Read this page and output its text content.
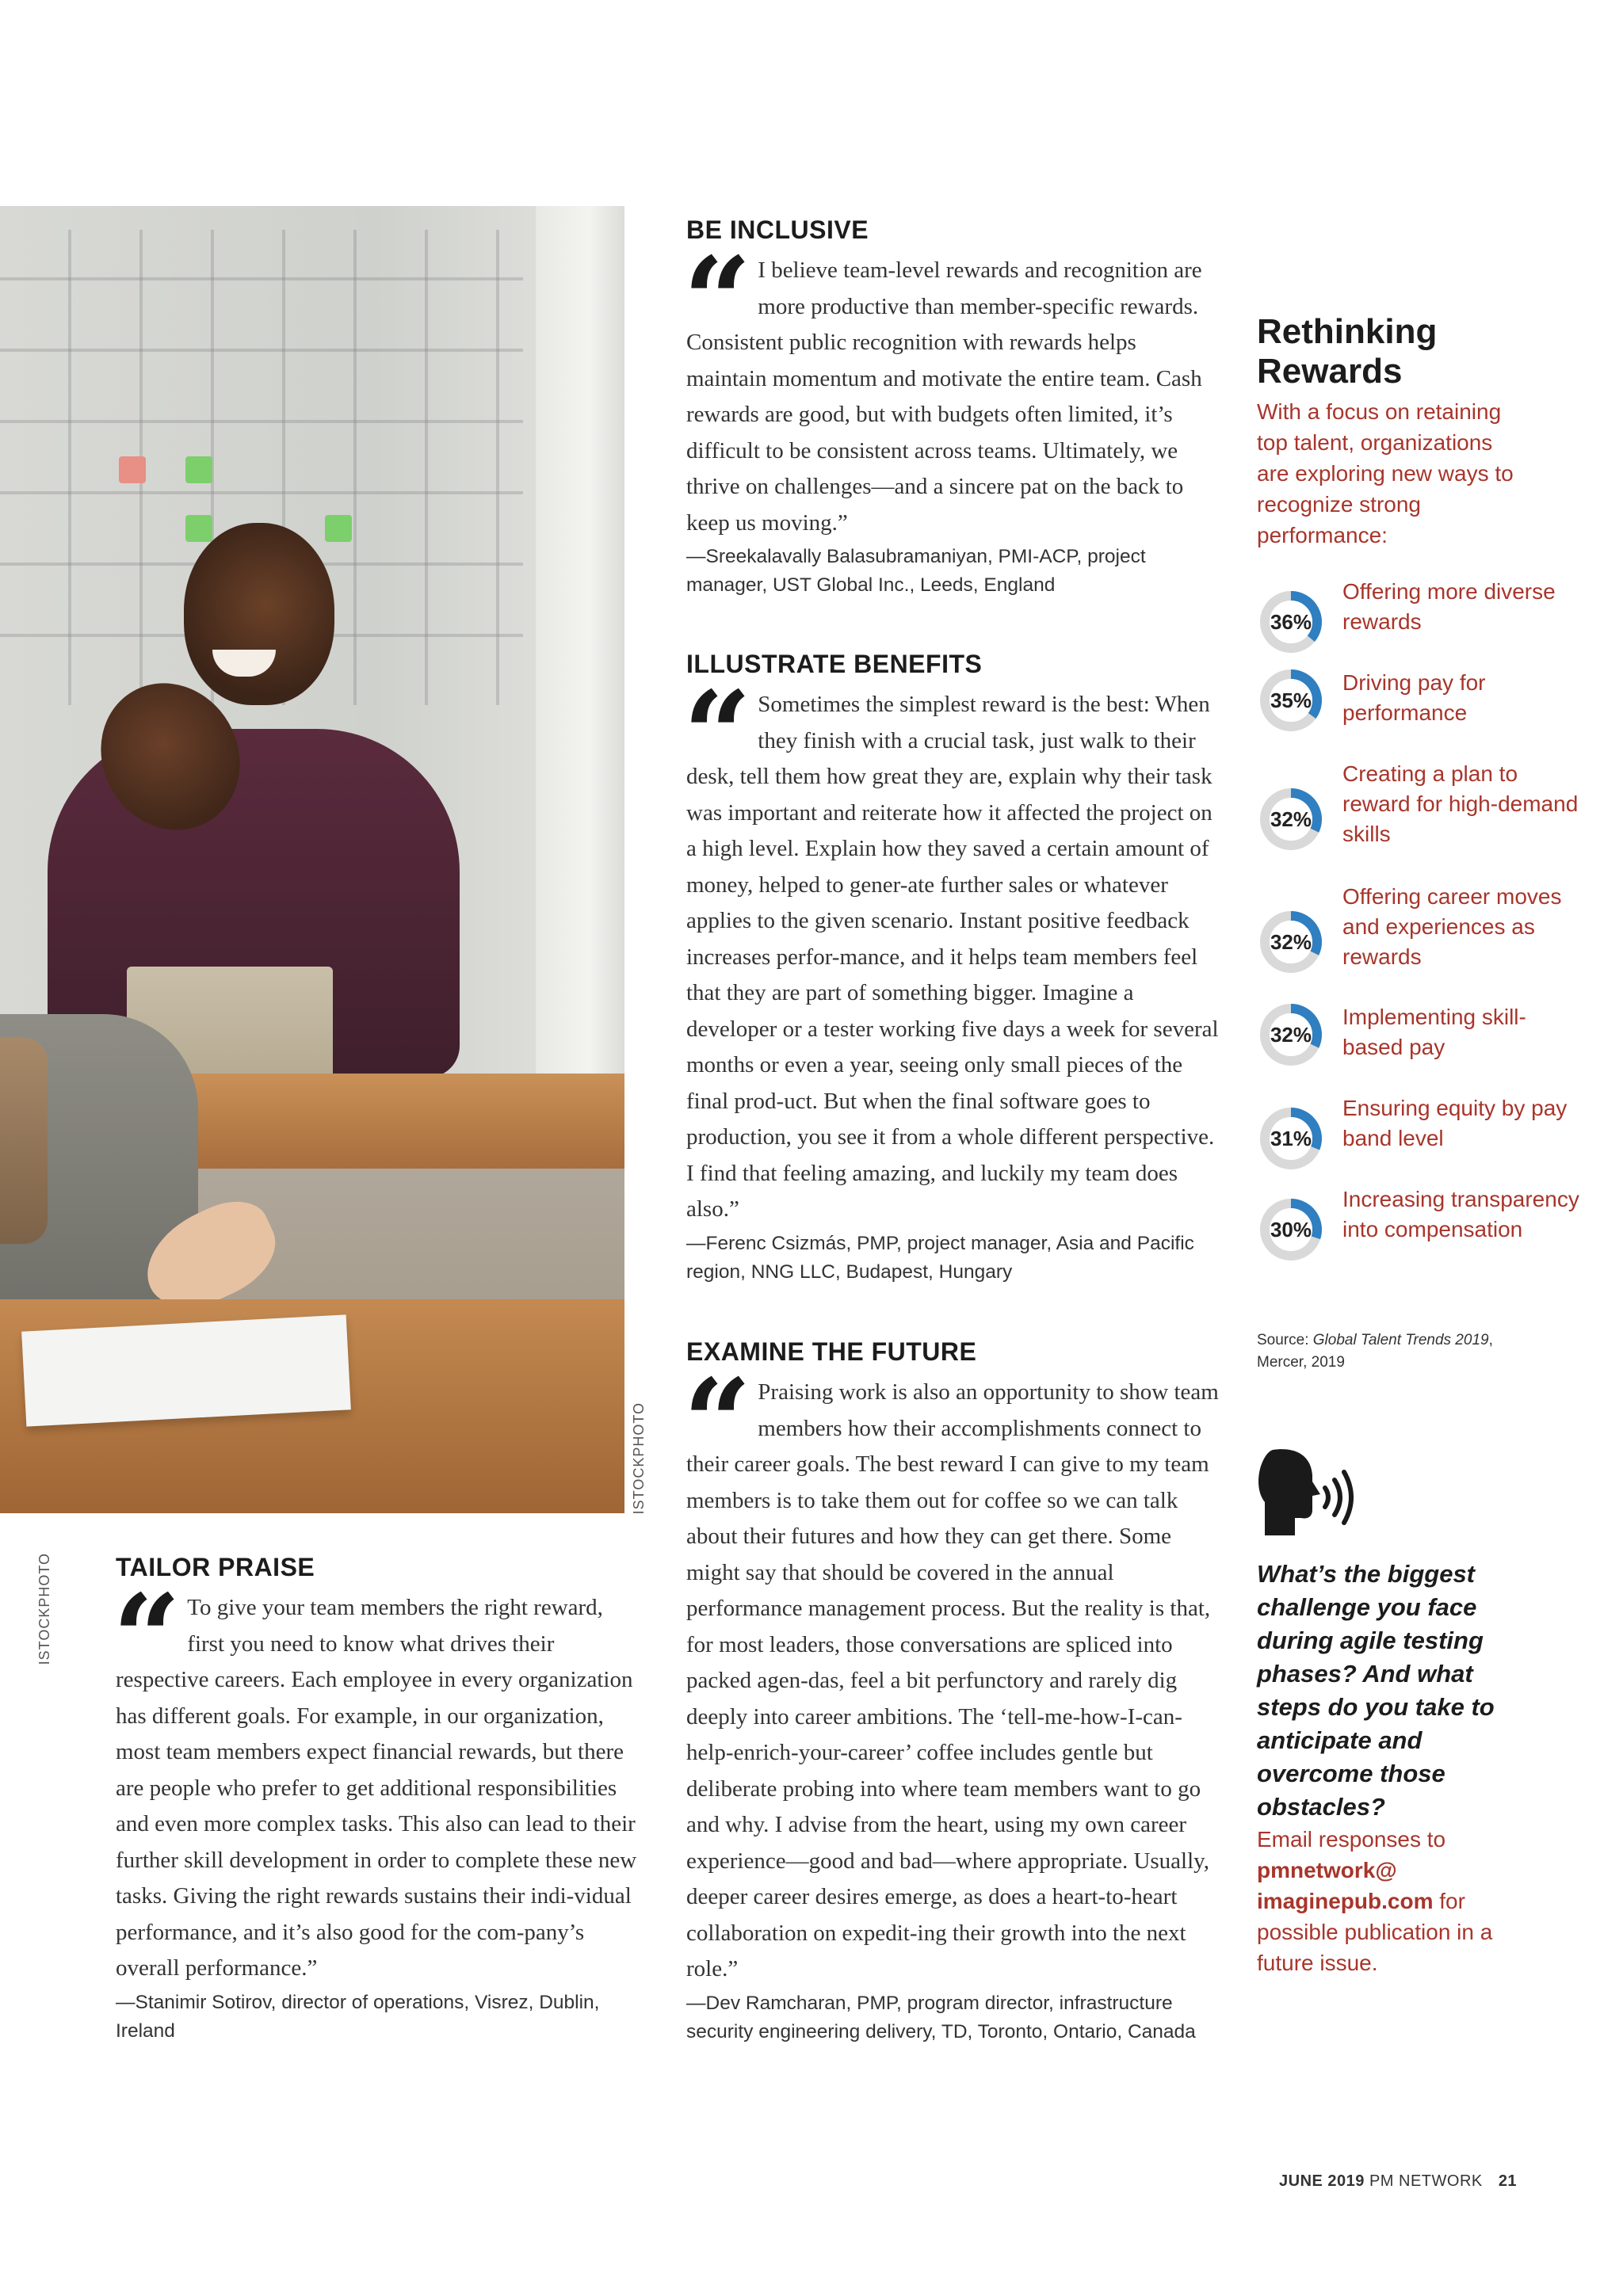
ISTOCKPHOTO
ISTOCKPHOTO
BE INCLUSIVE
“ I believe team-level rewards and recognition are more productive than member-specific rewards. Consistent public recognition with rewards helps maintain momentum and motivate the entire team. Cash rewards are good, but with budgets often limited, it’s difficult to be consistent across teams. Ultimately, we thrive on challenges—and a sincere pat on the back to keep us moving.”

—Sreekalavally Balasubramaniyan, PMI-ACP, project manager, UST Global Inc., Leeds, England

ILLUSTRATE BENEFITS
“ Sometimes the simplest reward is the best: When they finish with a crucial task, just walk to their desk, tell them how great they are, explain why their task was important and reiterate how it affected the project on a high level. Explain how they saved a certain amount of money, helped to gener-ate further sales or whatever applies to the given scenario. Instant positive feedback increases perfor-mance, and it helps team members feel that they are part of something bigger. Imagine a developer or a tester working five days a week for several months or even a year, seeing only small pieces of the final prod-uct. But when the final software goes to production, you see it from a whole different perspective. I find that feeling amazing, and luckily my team does also.”

—Ferenc Csizmás, PMP, project manager, Asia and Pacific region, NNG LLC, Budapest, Hungary

EXAMINE THE FUTURE
“ Praising work is also an opportunity to show team members how their accomplishments connect to their career goals. The best reward I can give to my team members is to take them out for coffee so we can talk about their futures and how they can get there. Some might say that should be covered in the annual performance management process. But the reality is that, for most leaders, those conversations are spliced into packed agen-das, feel a bit perfunctory and rarely dig deeply into career ambitions. The ‘tell-me-how-I-can-help-enrich-your-career’ coffee includes gentle but deliberate probing into where team members want to go and why. I advise from the heart, using my own career experience—good and bad—where appropriate. Usually, deeper career desires emerge, as does a heart-to-heart collaboration on expedit-ing their growth into the next role.”

—Dev Ramcharan, PMP, program director, infrastructure security engineering delivery, TD, Toronto, Ontario, Canada

TAILOR PRAISE
“ To give your team members the right reward, first you need to know what drives their respective careers. Each employee in every organization has different goals. For example, in our organization, most team members expect financial rewards, but there are people who prefer to get additional responsibilities and even more complex tasks. This also can lead to their further skill development in order to complete these new tasks. Giving the right rewards sustains their indi-vidual performance, and it’s also good for the com-pany’s overall performance.”

—Stanimir Sotirov, director of operations, Visrez, Dublin, Ireland

Rethinking Rewards
With a focus on retaining top talent, organizations are exploring new ways to recognize strong performance:
Offering more diverse rewards
36%
Driving pay for performance
35%
Creating a plan to reward for high-demand skills
32%
Offering career moves and experiences as rewards
32%
Implementing skill-based pay
32%
Ensuring equity by pay band level
31%
Increasing transparency into compensation
30%
Source: Global Talent Trends 2019, Mercer, 2019
What’s the biggest challenge you face during agile testing phases? And what steps do you take to anticipate and overcome those obstacles?
Email responses to pmnetwork@ imaginepub.com for possible publication in a future issue.
JUNE 2019 PM NETWORK 21
